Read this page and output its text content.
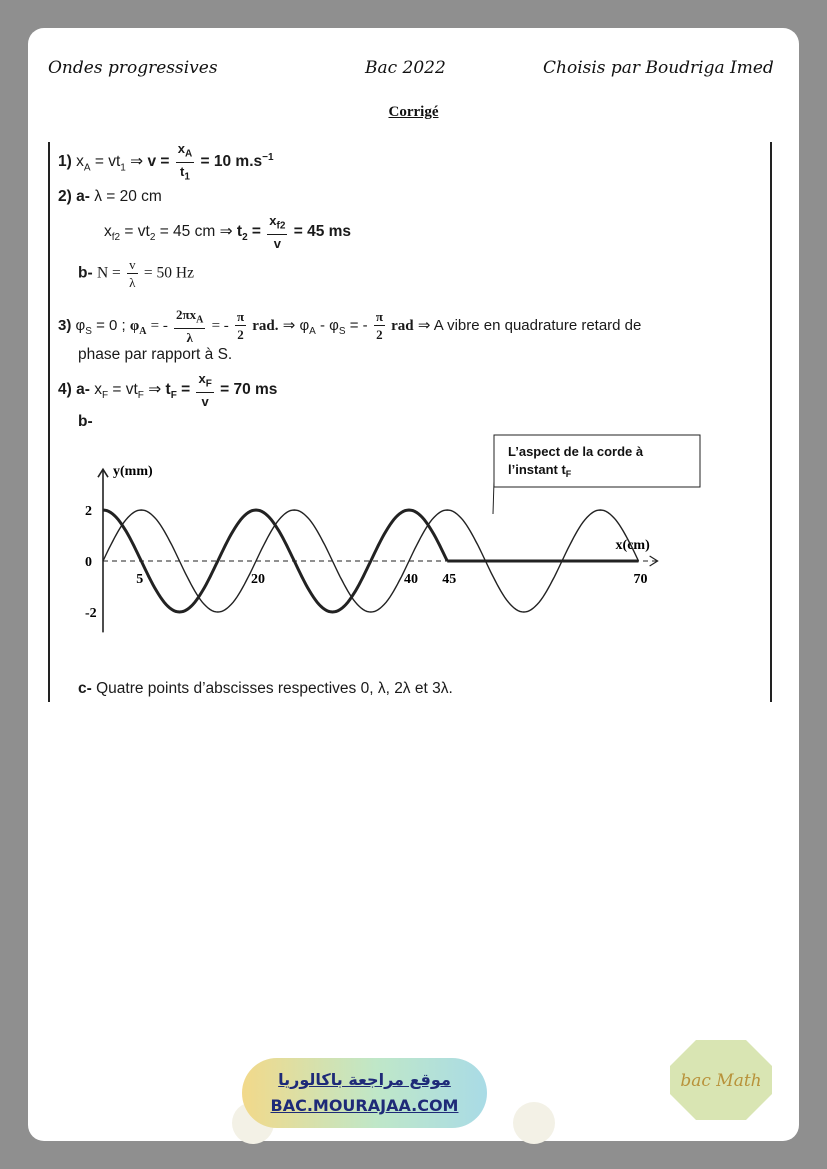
Ondes progressives	Bac 2022	Choisis par Boudriga Imed
Corrigé
1) $x_A = vt_1$ ⇒ $v = \frac{x_A}{t_1} = 10$ $m.s^{-1}$
2) a- λ = 20 cm
$x_{f2} = vt_2 = 45$ cm ⇒ $t_2 = \frac{x_{f2}}{v} = 45$ ms
b- $N = \frac{v}{\lambda} = 50$ Hz
3) $\varphi_S = 0$ ; $\varphi_A$ = - $\frac{2\pi x_A}{\lambda}$ = - $\frac{\pi}{2}$ rad. ⇒ $\varphi_A - \varphi_S$ = - $\frac{\pi}{2}$ rad ⇒ A vibre en quadrature retard de
phase par rapport à S.
4) a- $x_F = vt_F$ ⇒ $t_F = \frac{x_F}{v} = 70$ ms
b-
y(mm)
x(cm)
5	20	40 45	70
2
0
-2
L’aspect de la corde à
l’instant $t_F$
c- Quatre points d’abscisses respectives 0, λ, 2λ et 3λ.
موقع مراجعة باكالوريا
BAC.MOURAJAA.COM
bac Math
